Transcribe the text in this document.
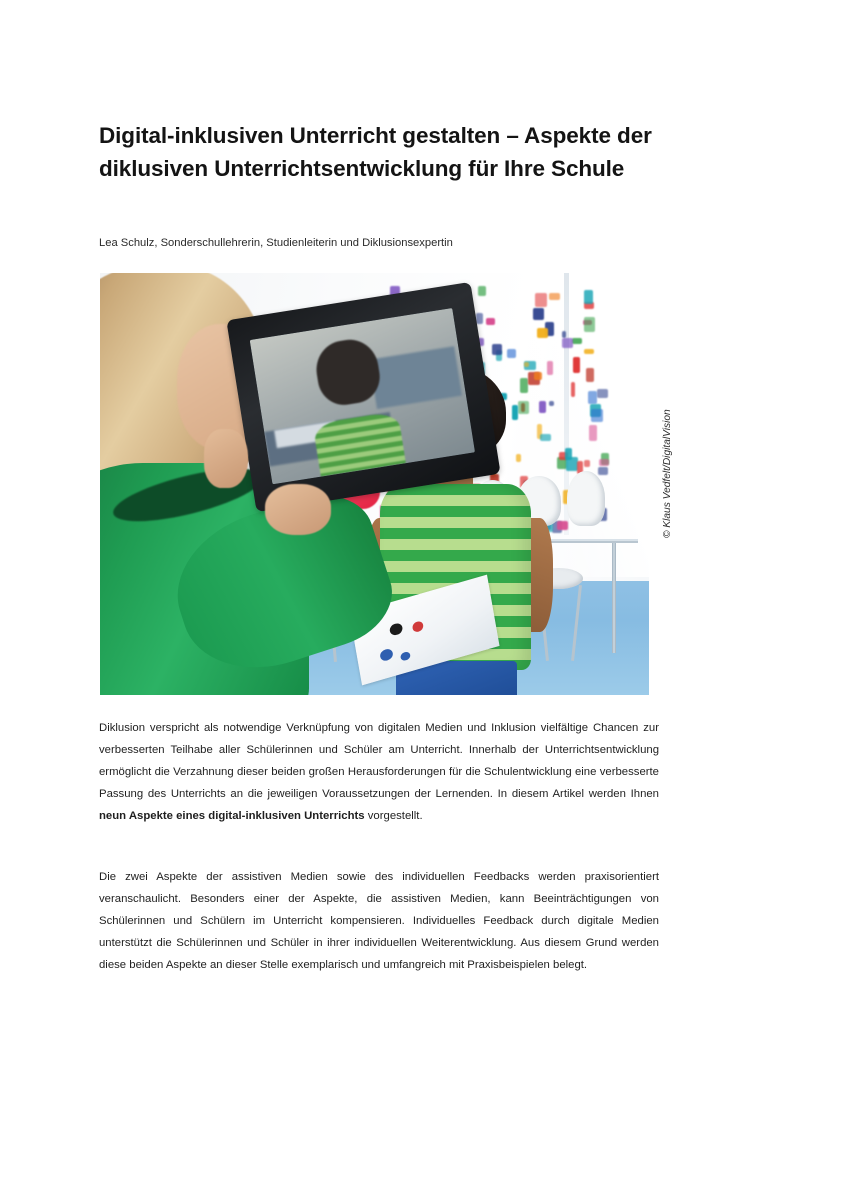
Digital-inklusiven Unterricht gestalten – Aspekte der diklusiven Unterrichtsentwicklung für Ihre Schule
Lea Schulz, Sonderschullehrerin, Studienleiterin und Diklusionsexpertin
© Klaus Vedfelt/DigitalVision

Diklusion verspricht als notwendige Verknüpfung von digitalen Medien und Inklusion vielfältige Chancen zur verbesserten Teilhabe aller Schülerinnen und Schüler am Unterricht. Innerhalb der Unterrichtsentwicklung ermöglicht die Verzahnung dieser beiden großen Herausforderungen für die Schulentwicklung eine verbesserte Passung des Unterrichts an die jeweiligen Voraussetzungen der Lernenden. In diesem Artikel werden Ihnen neun Aspekte eines digital-inklusiven Unterrichts vorgestellt.

Die zwei Aspekte der assistiven Medien sowie des individuellen Feedbacks werden praxisorientiert veranschaulicht. Besonders einer der Aspekte, die assistiven Medien, kann Beeinträchtigungen von Schülerinnen und Schülern im Unterricht kompensieren. Individuelles Feedback durch digitale Medien unterstützt die Schülerinnen und Schüler in ihrer individuellen Weiterentwicklung. Aus diesem Grund werden diese beiden Aspekte an dieser Stelle exemplarisch und umfangreich mit Praxisbeispielen belegt.
